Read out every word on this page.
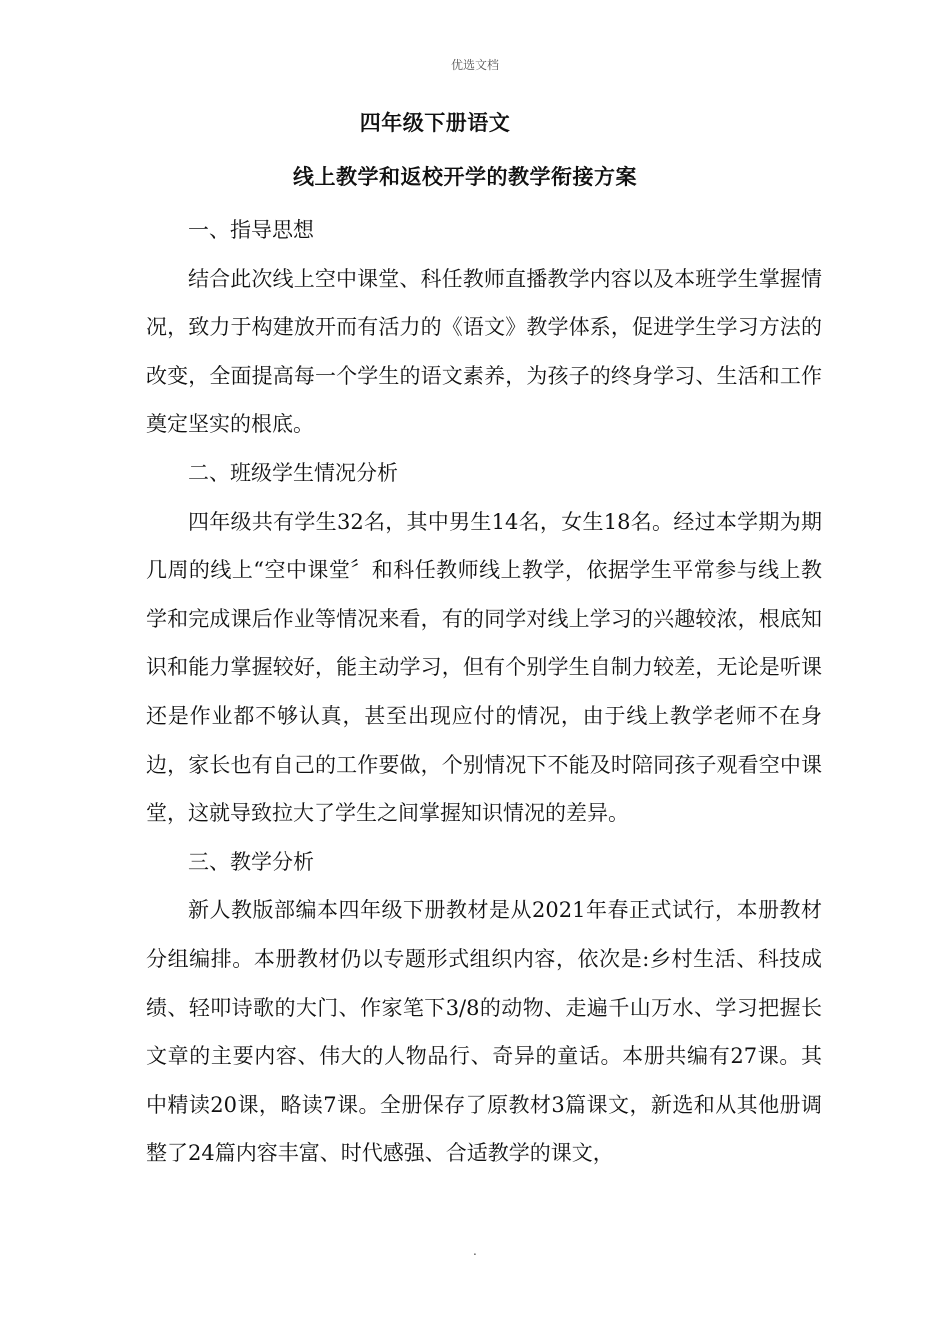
优选文档
四年级下册语文
线上教学和返校开学的教学衔接方案

一、指导思想

结合此次线上空中课堂、科任教师直播教学内容以及本班学生掌握情况，致力于构建放开而有活力的《语文》教学体系，促进学生学习方法的改变，全面提高每一个学生的语文素养，为孩子的终身学习、生活和工作奠定坚实的根底。

二、班级学生情况分析

四年级共有学生32名，其中男生14名，女生18名。经过本学期为期几周的线上“空中课堂〞和科任教师线上教学，依据学生平常参与线上教学和完成课后作业等情况来看，有的同学对线上学习的兴趣较浓，根底知识和能力掌握较好，能主动学习，但有个别学生自制力较差，无论是听课还是作业都不够认真，甚至出现应付的情况，由于线上教学老师不在身边，家长也有自己的工作要做，个别情况下不能及时陪同孩子观看空中课堂，这就导致拉大了学生之间掌握知识情况的差异。

三、教学分析

新人教版部编本四年级下册教材是从2021年春正式试行，本册教材分组编排。本册教材仍以专题形式组织内容，依次是:乡村生活、科技成绩、轻叩诗歌的大门、作家笔下3/8的动物、走遍千山万水、学习把握长文章的主要内容、伟大的人物品行、奇异的童话。本册共编有27课。其中精读20课，略读7课。全册保存了原教材3篇课文，新选和从其他册调整了24篇内容丰富、时代感强、合适教学的课文，

.
